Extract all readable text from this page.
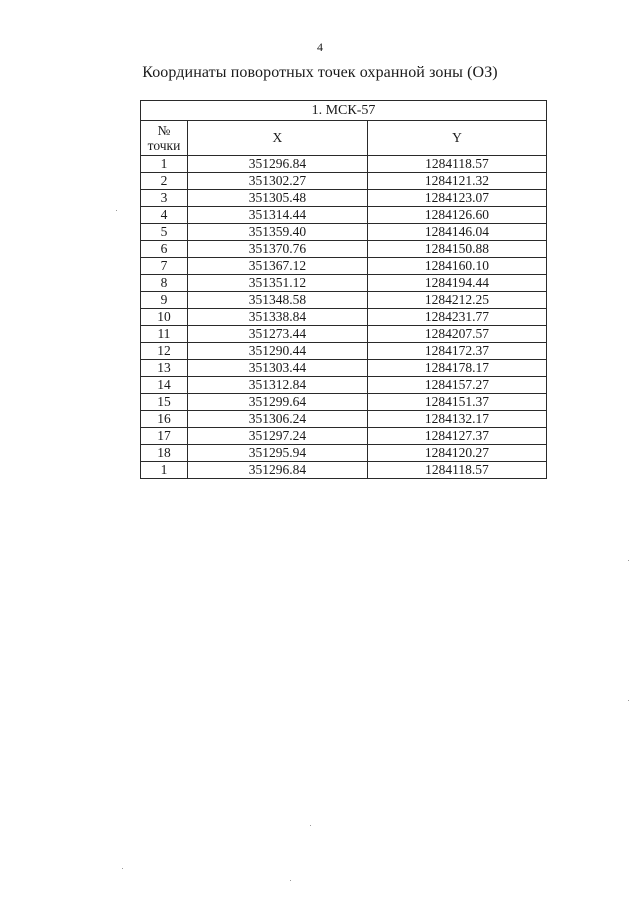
4
Координаты поворотных точек охранной зоны (ОЗ)
1. МСК-57		

№
точки	X	Y
1	351296.84	1284118.57
2	351302.27	1284121.32
3	351305.48	1284123.07
4	351314.44	1284126.60
5	351359.40	1284146.04
6	351370.76	1284150.88
7	351367.12	1284160.10
8	351351.12	1284194.44
9	351348.58	1284212.25
10	351338.84	1284231.77
11	351273.44	1284207.57
12	351290.44	1284172.37
13	351303.44	1284178.17
14	351312.84	1284157.27
15	351299.64	1284151.37
16	351306.24	1284132.17
17	351297.24	1284127.37
18	351295.94	1284120.27
1	351296.84	1284118.57
